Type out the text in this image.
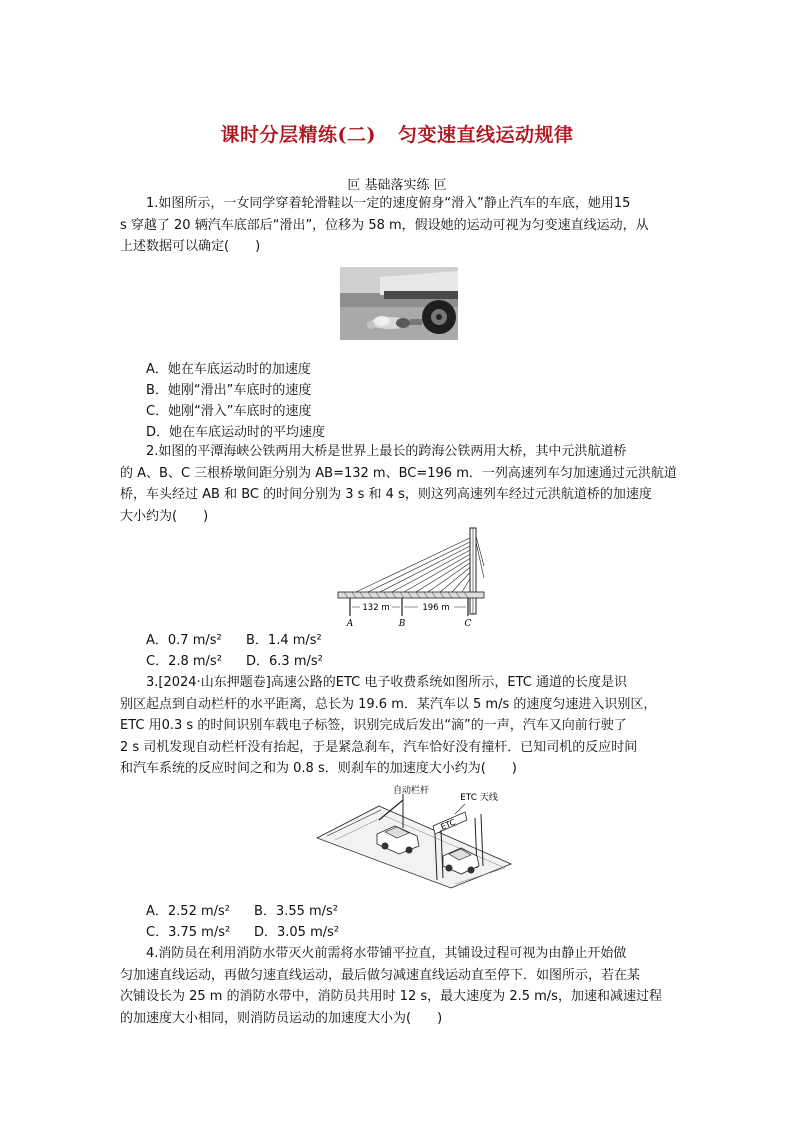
课时分层精练(二) 匀变速直线运动规律
叵 基础落实练 叵
1.如图所示，一女同学穿着轮滑鞋以一定的速度俯身“滑入”静止汽车的车底，她用15
s 穿越了 20 辆汽车底部后“滑出”，位移为 58 m，假设她的运动可视为匀变速直线运动，从
上述数据可以确定(　　)
A．她在车底运动时的加速度
B．她刚“滑出”车底时的速度
C．她刚“滑入”车底时的速度
D．她在车底运动时的平均速度
2.如图的平潭海峡公铁两用大桥是世界上最长的跨海公铁两用大桥，其中元洪航道桥
的 A、B、C 三根桥墩间距分别为 AB=132 m、BC=196 m．一列高速列车匀加速通过元洪航道
桥，车头经过 AB 和 BC 的时间分别为 3 s 和 4 s，则这列高速列车经过元洪航道桥的加速度
大小约为(　　)
132 m	196 m
A	B	C
A．0.7 m/s² B．1.4 m/s²
C．2.8 m/s² D．6.3 m/s²
3.[2024·山东押题卷]高速公路的ETC 电子收费系统如图所示，ETC 通道的长度是识
别区起点到自动栏杆的水平距离，总长为 19.6 m．某汽车以 5 m/s 的速度匀速进入识别区，
ETC 用0.3 s 的时间识别车载电子标签，识别完成后发出“滴”的一声，汽车又向前行驶了
2 s 司机发现自动栏杆没有抬起，于是紧急刹车，汽车恰好没有撞杆．已知司机的反应时间
和汽车系统的反应时间之和为 0.8 s．则刹车的加速度大小约为(　　)
自动栏杆
ETC 天线
ETC
A．2.52 m/s² B．3.55 m/s²
C．3.75 m/s² D．3.05 m/s²
4.消防员在利用消防水带灭火前需将水带铺平拉直，其铺设过程可视为由静止开始做
匀加速直线运动，再做匀速直线运动，最后做匀减速直线运动直至停下．如图所示，若在某
次铺设长为 25 m 的消防水带中，消防员共用时 12 s，最大速度为 2.5 m/s，加速和减速过程
的加速度大小相同，则消防员运动的加速度大小为(　　)
